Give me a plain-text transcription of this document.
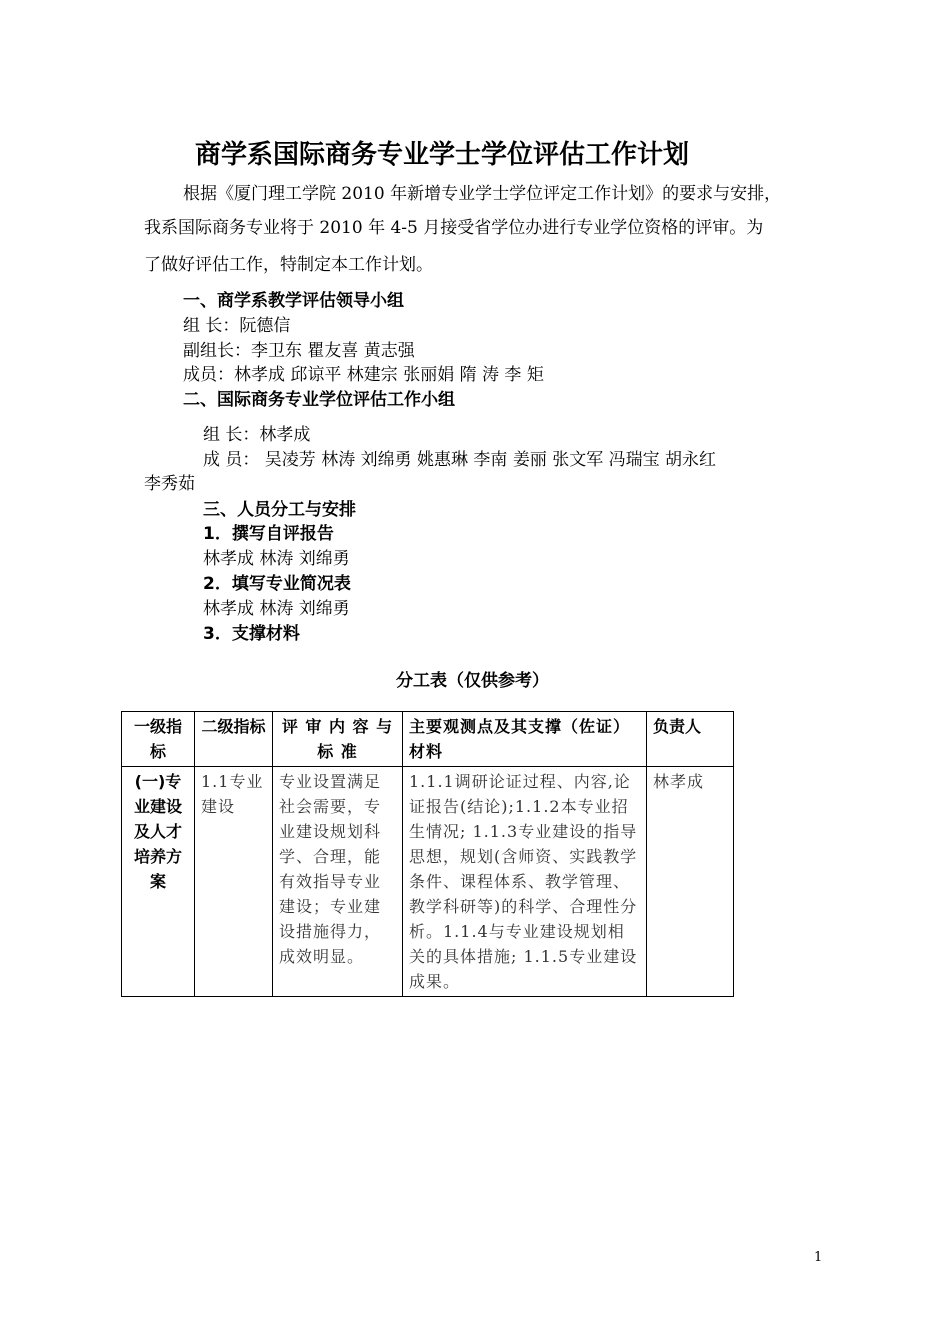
商学系国际商务专业学士学位评估工作计划
根据《厦门理工学院 2010 年新增专业学士学位评定工作计划》的要求与安排，
我系国际商务专业将于 2010 年 4-5 月接受省学位办进行专业学位资格的评审。为
了做好评估工作，特制定本工作计划。
一、商学系教学评估领导小组
组 长：阮德信
副组长：李卫东 瞿友喜 黄志强
成员：林孝成 邱谅平 林建宗 张丽娟 隋 涛 李 矩
二、国际商务专业学位评估工作小组
组 长：林孝成
成 员： 吴凌芳 林涛 刘绵勇 姚惠琳 李南 姜丽 张文军 冯瑞宝 胡永红
李秀茹
三、人员分工与安排
1．撰写自评报告
林孝成 林涛 刘绵勇
2．填写专业简况表
林孝成 林涛 刘绵勇
3．支撑材料
分工表（仅供参考）
一级指标	二级指标	评 审 内 容 与 标 准	主要观测点及其支撑（佐证）材料	负责人
(一)专业建设及人才培养方案	1.1专业建设	专业设置满足社会需要，专业建设规划科学、合理，能有效指导专业建设；专业建设措施得力，成效明显。	1.1.1调研论证过程、内容,论证报告(结论);1.1.2本专业招生情况; 1.1.3专业建设的指导思想，规划(含师资、实践教学条件、课程体系、教学管理、教学科研等)的科学、合理性分析。1.1.4与专业建设规划相关的具体措施; 1.1.5专业建设成果。	林孝成
1
